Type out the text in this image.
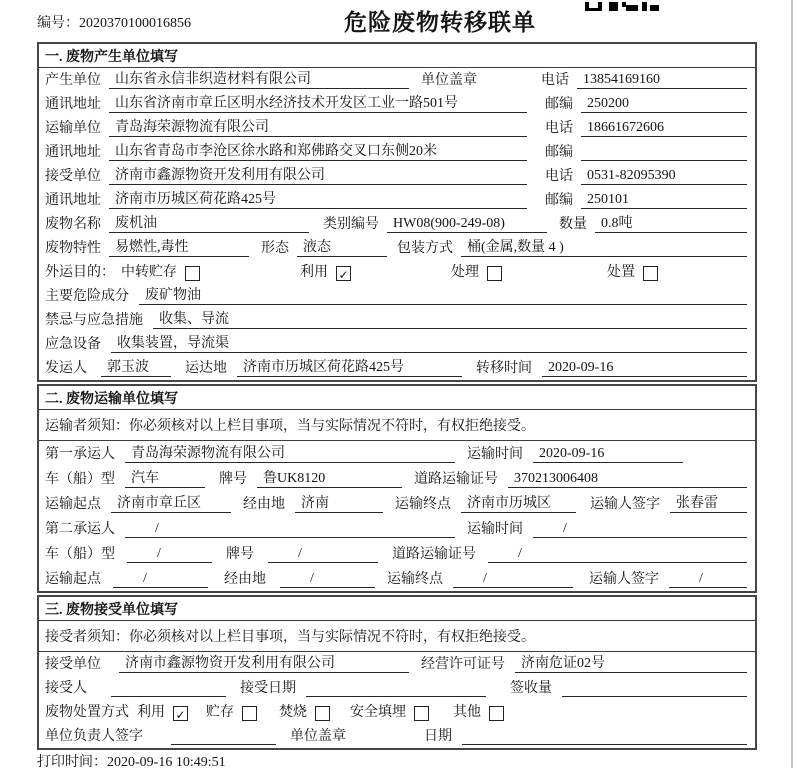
编号：2020370100016856	危险废物转移联单
一. 废物产生单位填写
产生单位	山东省永信非织造材料有限公司	单位盖章	电话	13854169160
通讯地址	山东省济南市章丘区明水经济技术开发区工业一路501号	邮编	250200
运输单位	青岛海荣源物流有限公司	电话	18661672606
通讯地址	山东省青岛市李沧区徐水路和郑佛路交叉口东侧20米	邮编
接受单位	济南市鑫源物资开发利用有限公司	电话	0531-82095390
通讯地址	济南市历城区荷花路425号	邮编	250101
废物名称	废机油	类别编号	HW08(900-249-08)	数量	0.8吨
废物特性	易燃性,毒性	形态	液态	包装方式	桶(金属,数量 4 )
外运目的： 中转贮存	利用 ✓	处理	处置
主要危险成分	废矿物油
禁忌与应急措施	收集、导流
应急设备	收集装置，导流渠
发运人	郭玉波	运达地	济南市历城区荷花路425号	转移时间	2020-09-16
二. 废物运输单位填写
运输者须知：你必须核对以上栏目事项，当与实际情况不符时，有权拒绝接受。
第一承运人	青岛海荣源物流有限公司	运输时间	2020-09-16
车（船）型	汽车	牌号	鲁UK8120	道路运输证号	370213006408
运输起点	济南市章丘区	经由地	济南	运输终点	济南市历城区	运输人签字	张春雷
第二承运人	/	运输时间	/
车（船）型	/	牌号	/	道路运输证号	/
运输起点	/	经由地	/	运输终点	/	运输人签字	/
三. 废物接受单位填写
接受者须知：你必须核对以上栏目事项，当与实际情况不符时，有权拒绝接受。
接受单位	济南市鑫源物资开发利用有限公司	经营许可证号	济南危证02号
接受人	接受日期	签收量
废物处置方式 利用 ✓ 贮存	焚烧	安全填埋	其他
单位负责人签字	单位盖章	日期
打印时间：2020-09-16 10:49:51
